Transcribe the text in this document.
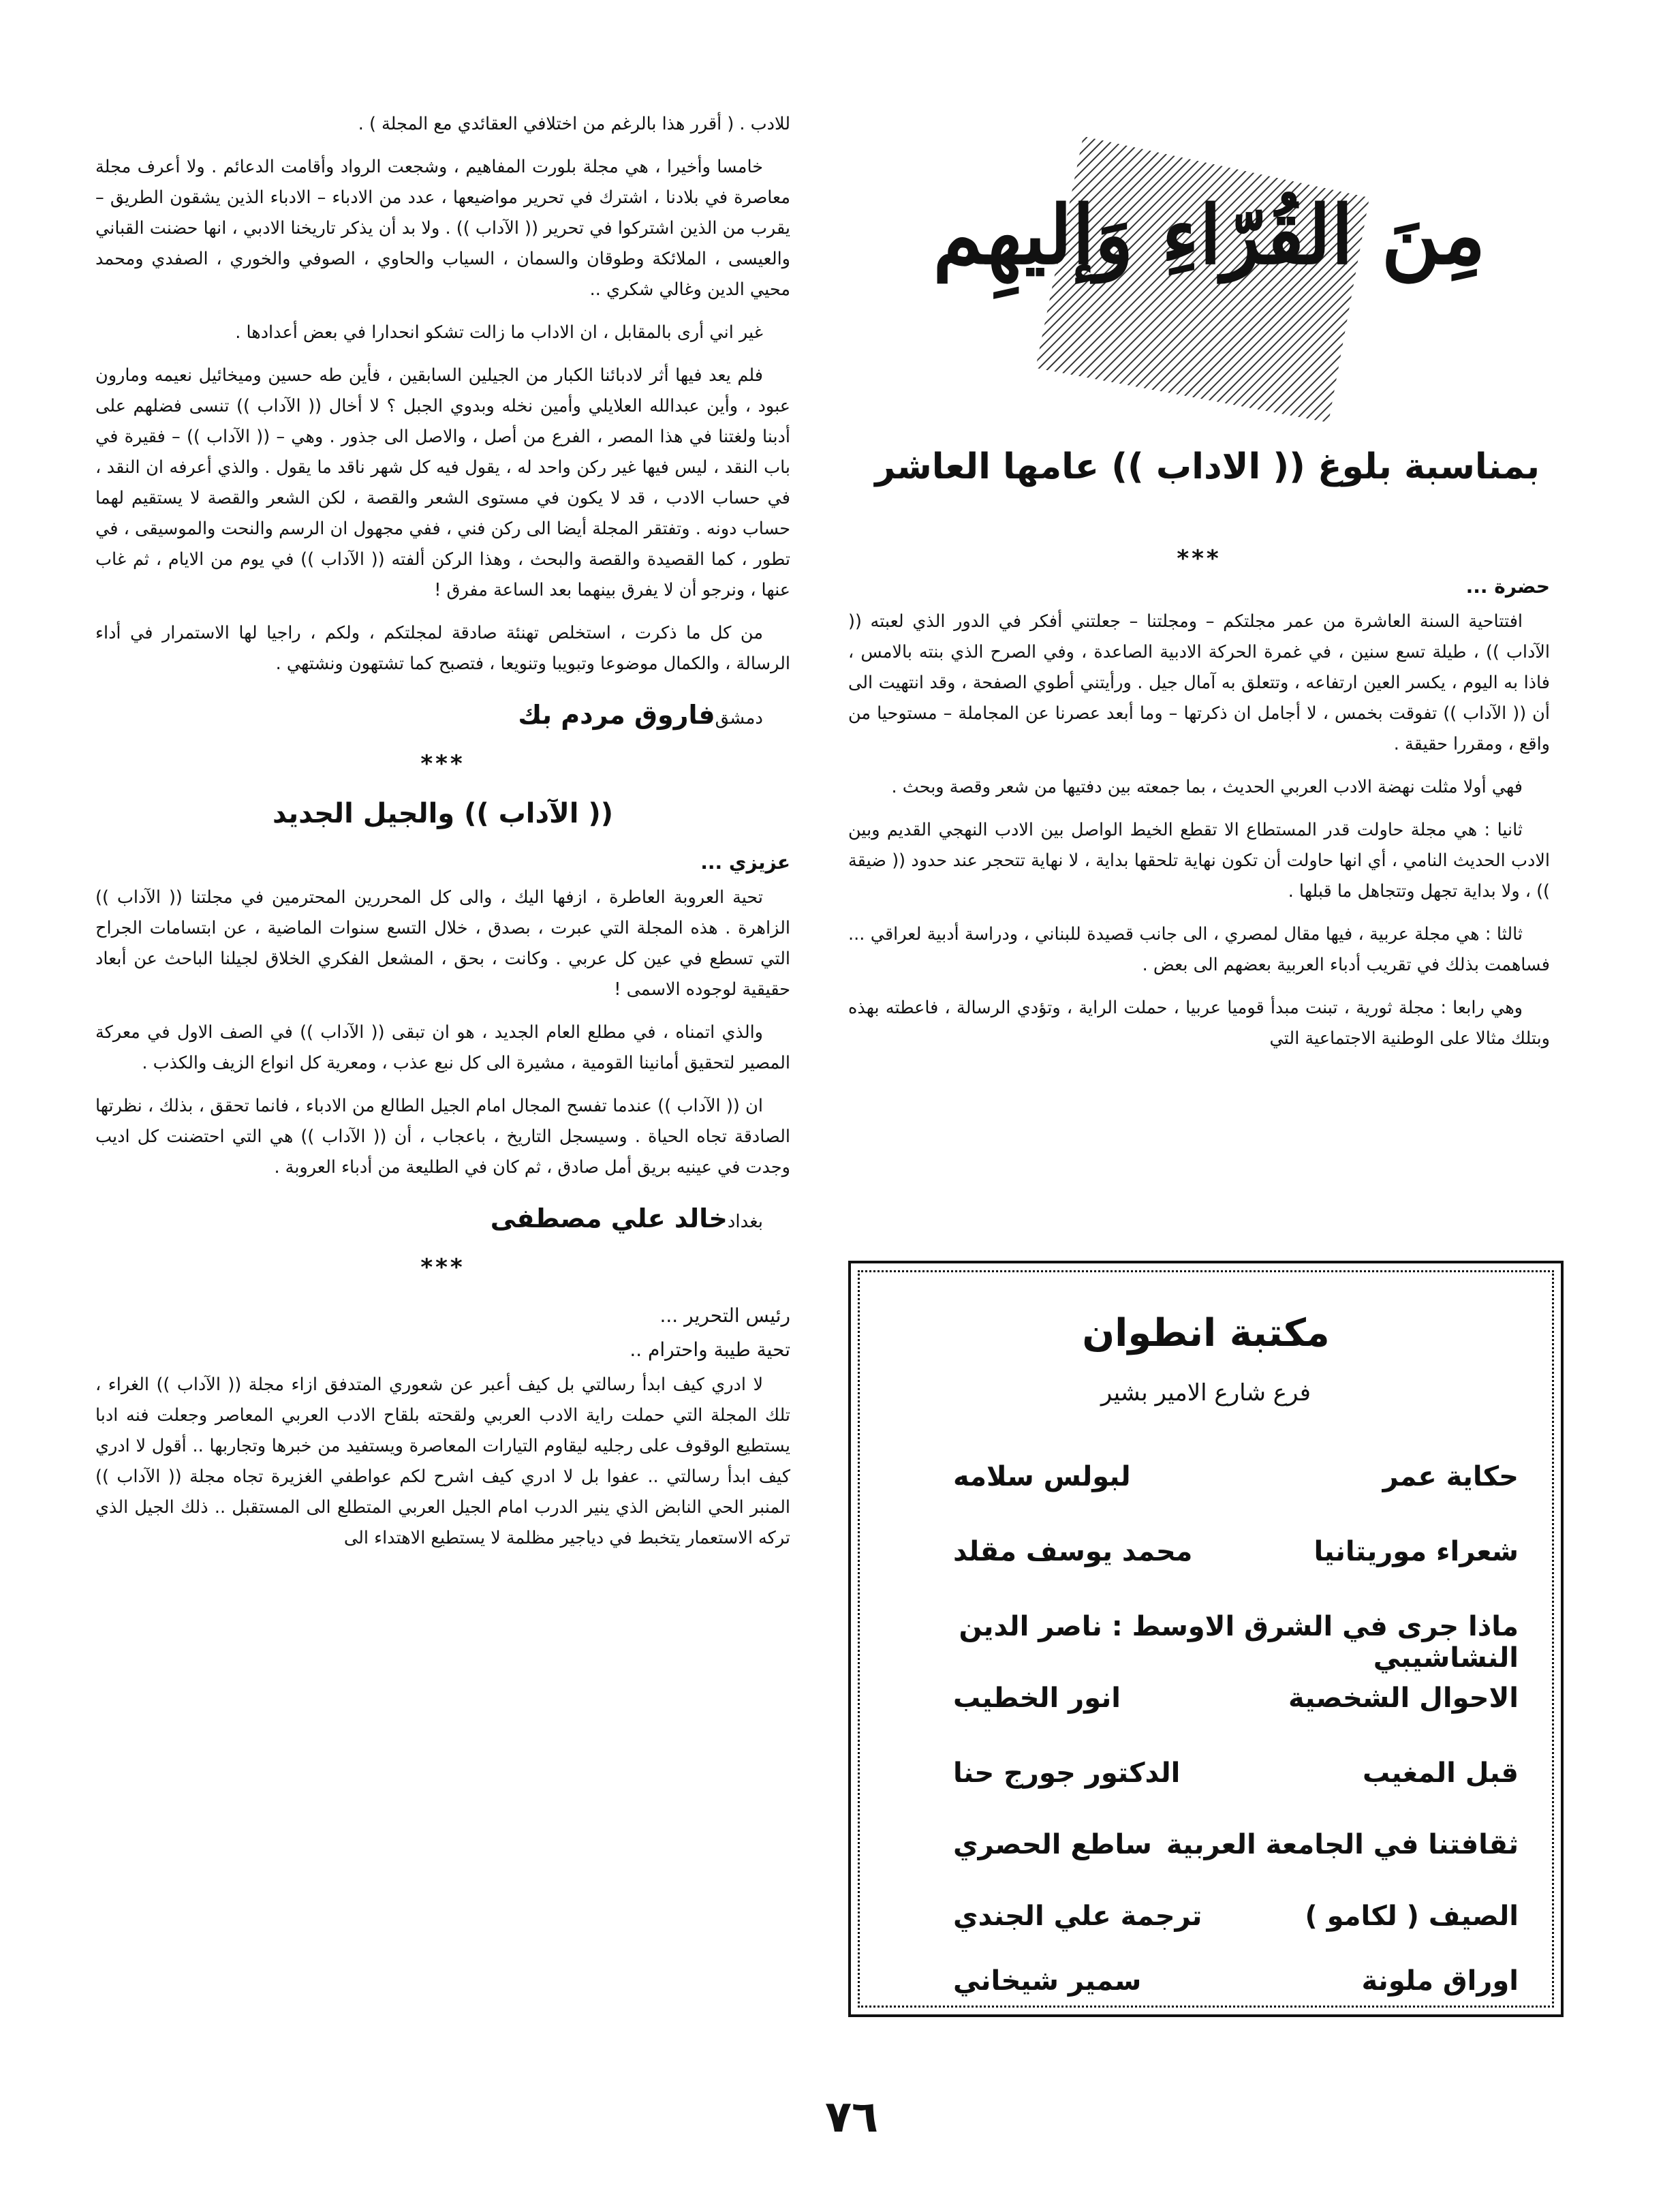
مِنَ القُرّاءِ وَإليهِم
بمناسبة بلوغ (( الاداب )) عامها العاشر
***
حضرة ...

افتتاحية السنة العاشرة من عمر مجلتكم – ومجلتنا – جعلتني أفكر في الدور الذي لعبته (( الآداب )) ، طيلة تسع سنين ، في غمرة الحركة الادبية الصاعدة ، وفي الصرح الذي بنته بالامس ، فاذا به اليوم ، يكسر العين ارتفاعه ، وتتعلق به آمال جيل . ورأيتني أطوي الصفحة ، وقد انتهيت الى أن (( الآداب )) تفوقت بخمس ، لا أجامل ان ذكرتها – وما أبعد عصرنا عن المجاملة – مستوحيا من واقع ، ومقررا حقيقة .

فهي أولا مثلت نهضة الادب العربي الحديث ، بما جمعته بين دفتيها من شعر وقصة وبحث .

ثانيا : هي مجلة حاولت قدر المستطاع الا تقطع الخيط الواصل بين الادب النهجي القديم وبين الادب الحديث النامي ، أي انها حاولت أن تكون نهاية تلحقها بداية ، لا نهاية تتحجر عند حدود (( ضيقة )) ، ولا بداية تجهل وتتجاهل ما قبلها .

ثالثا : هي مجلة عربية ، فيها مقال لمصري ، الى جانب قصيدة للبناني ، ودراسة أدبية لعراقي ... فساهمت بذلك في تقريب أدباء العربية بعضهم الى بعض .

وهي رابعا : مجلة ثورية ، تبنت مبدأ قوميا عربيا ، حملت الراية ، وتؤدي الرسالة ، فاعطته بهذه وبتلك مثالا على الوطنية الاجتماعية التي

مكتبة انطوان
فرع شارع الامير بشير
حكاية عمر
لبولس سلامه
شعراء موريتانيا
محمد يوسف مقلد
ماذا جرى في الشرق الاوسط : ناصر الدين النشاشيبي
الاحوال الشخصية
انور الخطيب
قبل المغيب
الدكتور جورج حنا
ثقافتنا في الجامعة العربية
ساطع الحصري
الصيف ( لكامو )
ترجمة علي الجندي
اوراق ملونة
سمير شيخاني

للادب . ( أقرر هذا بالرغم من اختلافي العقائدي مع المجلة ) .

خامسا وأخيرا ، هي مجلة بلورت المفاهيم ، وشجعت الرواد وأقامت الدعائم . ولا أعرف مجلة معاصرة في بلادنا ، اشترك في تحرير مواضيعها ، عدد من الادباء – الادباء الذين يشقون الطريق – يقرب من الذين اشتركوا في تحرير (( الآداب )) . ولا بد أن يذكر تاريخنا الادبي ، انها حضنت القباني والعيسى ، الملائكة وطوقان والسمان ، السياب والحاوي ، الصوفي والخوري ، الصفدي ومحمد محيي الدين وغالي شكري ..

غير اني أرى بالمقابل ، ان الاداب ما زالت تشكو انحدارا في بعض أعدادها .

فلم يعد فيها أثر لادبائنا الكبار من الجيلين السابقين ، فأين طه حسين وميخائيل نعيمه ومارون عبود ، وأين عبدالله العلايلي وأمين نخله وبدوي الجبل ؟ لا أخال (( الآداب )) تنسى فضلهم على أدبنا ولغتنا في هذا المصر ، الفرع من أصل ، والاصل الى جذور . وهي – (( الآداب )) – فقيرة في باب النقد ، ليس فيها غير ركن واحد له ، يقول فيه كل شهر ناقد ما يقول . والذي أعرفه ان النقد ، في حساب الادب ، قد لا يكون في مستوى الشعر والقصة ، لكن الشعر والقصة لا يستقيم لهما حساب دونه . وتفتقر المجلة أيضا الى ركن فني ، ففي مجهول ان الرسم والنحت والموسيقى ، في تطور ، كما القصيدة والقصة والبحث ، وهذا الركن ألفته (( الآداب )) في يوم من الايام ، ثم غاب عنها ، ونرجو أن لا يفرق بينهما بعد الساعة مفرق !

من كل ما ذكرت ، استخلص تهنئة صادقة لمجلتكم ، ولكم ، راجيا لها الاستمرار في أداء الرسالة ، والكمال موضوعا وتبويبا وتنويعا ، فتصبح كما تشتهون ونشتهي .

دمشق
فاروق مردم بك
***
(( الآداب )) والجيل الجديد
عزيزي ...

تحية العروبة العاطرة ، ازفها اليك ، والى كل المحررين المحترمين في مجلتنا (( الآداب )) الزاهرة . هذه المجلة التي عبرت ، بصدق ، خلال التسع سنوات الماضية ، عن ابتسامات الجراح التي تسطع في عين كل عربي . وكانت ، بحق ، المشعل الفكري الخلاق لجيلنا الباحث عن أبعاد حقيقية لوجوده الاسمى !

والذي اتمناه ، في مطلع العام الجديد ، هو ان تبقى (( الآداب )) في الصف الاول في معركة المصير لتحقيق أمانينا القومية ، مشيرة الى كل نبع عذب ، ومعرية كل انواع الزيف والكذب .

ان (( الآداب )) عندما تفسح المجال امام الجيل الطالع من الادباء ، فانما تحقق ، بذلك ، نظرتها الصادقة تجاه الحياة . وسيسجل التاريخ ، باعجاب ، أن (( الآداب )) هي التي احتضنت كل اديب وجدت في عينيه بريق أمل صادق ، ثم كان في الطليعة من أدباء العروبة .

بغداد
خالد علي مصطفى
***
رئيس التحرير ...
تحية طيبة واحترام ..

لا ادري كيف ابدأ رسالتي بل كيف أعبر عن شعوري المتدفق ازاء مجلة (( الآداب )) الغراء ، تلك المجلة التي حملت راية الادب العربي ولقحته بلقاح الادب العربي المعاصر وجعلت فنه ادبا يستطيع الوقوف على رجليه ليقاوم التيارات المعاصرة ويستفيد من خبرها وتجاربها .. أقول لا ادري كيف ابدأ رسالتي .. عفوا بل لا ادري كيف اشرح لكم عواطفي الغزيرة تجاه مجلة (( الآداب )) المنبر الحي النابض الذي ينير الدرب امام الجيل العربي المتطلع الى المستقبل .. ذلك الجيل الذي تركه الاستعمار يتخبط في دياجير مظلمة لا يستطيع الاهتداء الى

٧٦
